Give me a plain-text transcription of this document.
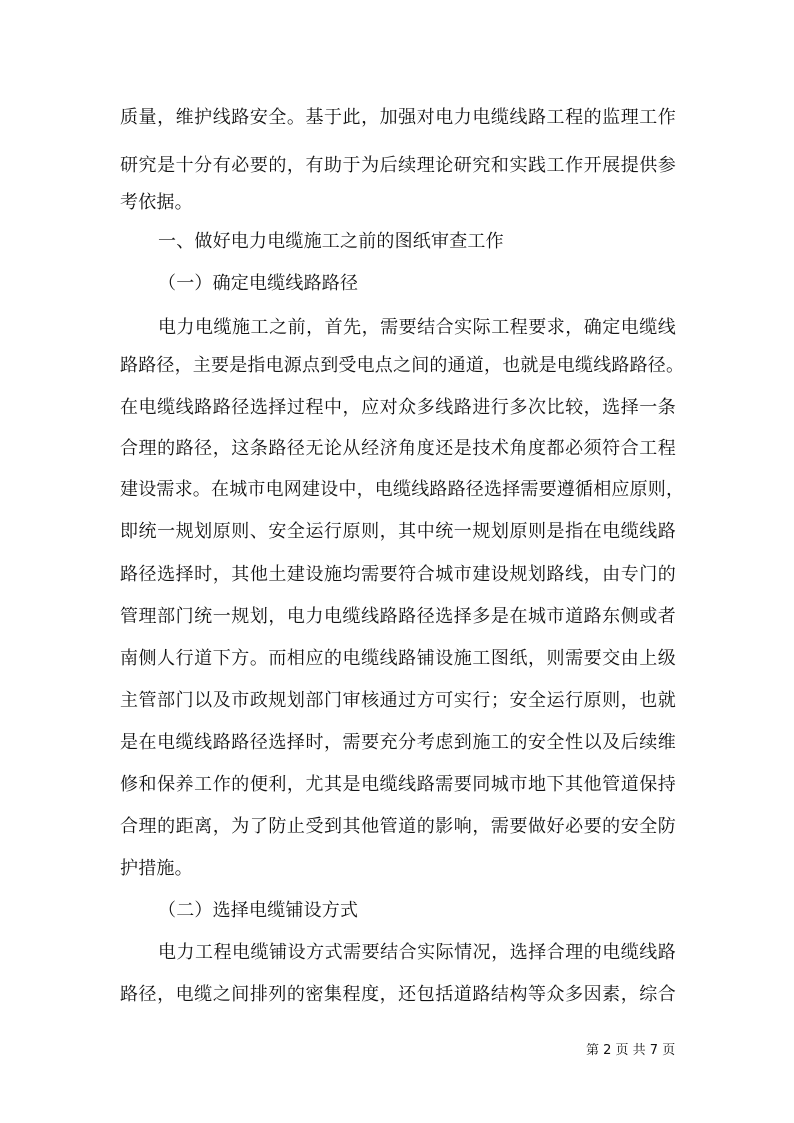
质量，维护线路安全。基于此，加强对电力电缆线路工程的监理工作
研究是十分有必要的，有助于为后续理论研究和实践工作开展提供参
考依据。
一、做好电力电缆施工之前的图纸审查工作
（一）确定电缆线路路径
电力电缆施工之前，首先，需要结合实际工程要求，确定电缆线
路路径，主要是指电源点到受电点之间的通道，也就是电缆线路路径。
在电缆线路路径选择过程中，应对众多线路进行多次比较，选择一条
合理的路径，这条路径无论从经济角度还是技术角度都必须符合工程
建设需求。在城市电网建设中，电缆线路路径选择需要遵循相应原则，
即统一规划原则、安全运行原则，其中统一规划原则是指在电缆线路
路径选择时，其他土建设施均需要符合城市建设规划路线，由专门的
管理部门统一规划，电力电缆线路路径选择多是在城市道路东侧或者
南侧人行道下方。而相应的电缆线路铺设施工图纸，则需要交由上级
主管部门以及市政规划部门审核通过方可实行；安全运行原则，也就
是在电缆线路路径选择时，需要充分考虑到施工的安全性以及后续维
修和保养工作的便利，尤其是电缆线路需要同城市地下其他管道保持
合理的距离，为了防止受到其他管道的影响，需要做好必要的安全防
护措施。
（二）选择电缆铺设方式
电力工程电缆铺设方式需要结合实际情况，选择合理的电缆线路
路径，电缆之间排列的密集程度，还包括道路结构等众多因素，综合
第 2 页 共 7 页
